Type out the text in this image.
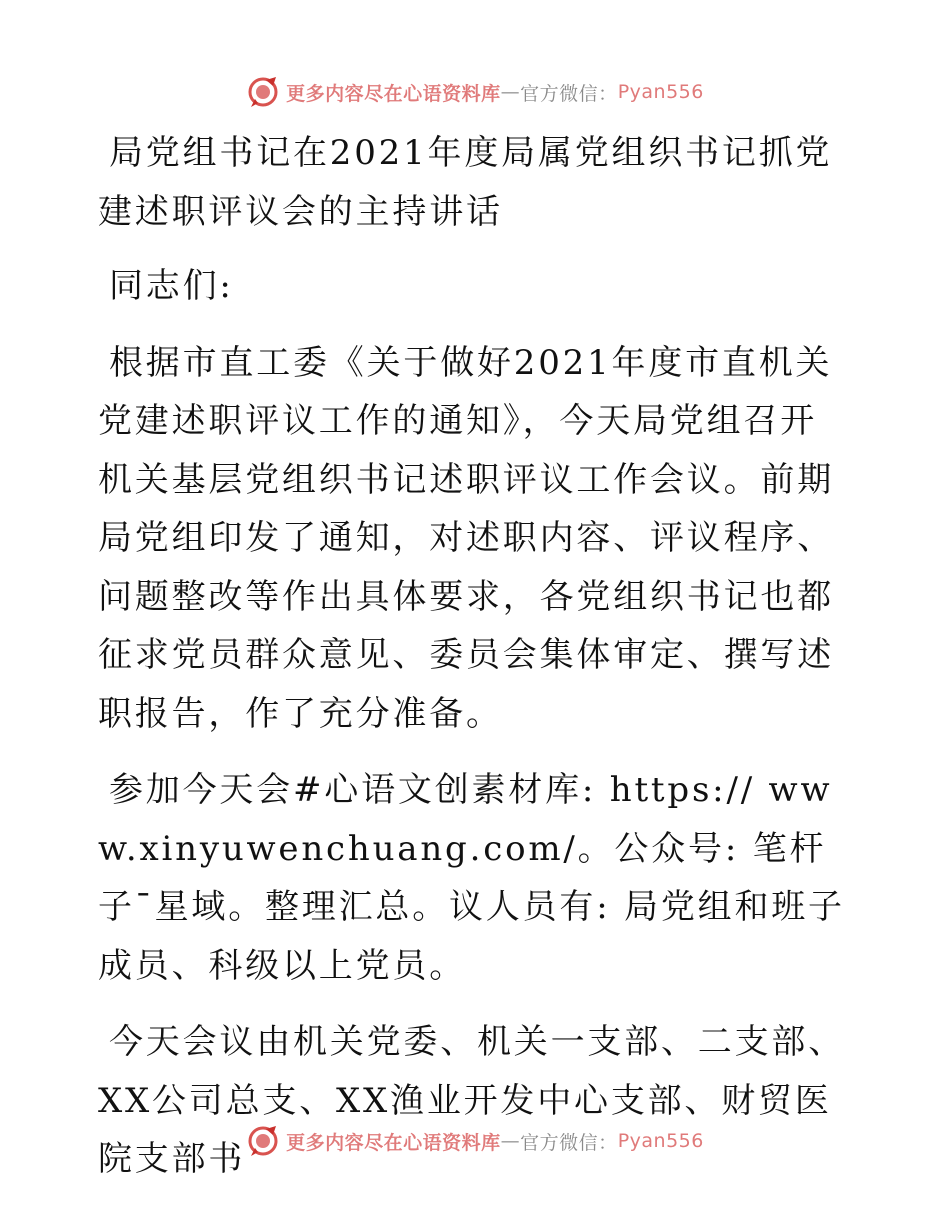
更多内容尽在心语资料库 — 官方微信： Pyan556

局党组书记在2021年度局属党组织书记抓党建述职评议会的主持讲话

同志们:

根据市直工委《关于做好2021年度市直机关党建述职评议工作的通知》，今天局党组召开机关基层党组织书记述职评议工作会议。前期局党组印发了通知，对述职内容、评议程序、问题整改等作出具体要求，各党组织书记也都征求党员群众意见、委员会集体审定、撰写述职报告，作了充分准备。

参加今天会#心语文创素材库: https:// www.xinyuwenchuang.com/。公众号: 笔杆子¯星域。整理汇总。议人员有: 局党组和班子成员、科级以上党员。

今天会议由机关党委、机关一支部、二支部、XX公司总支、XX渔业开发中心支部、财贸医院支部书	更多内容尽在心语资料库 — 官方微信： Pyan556
